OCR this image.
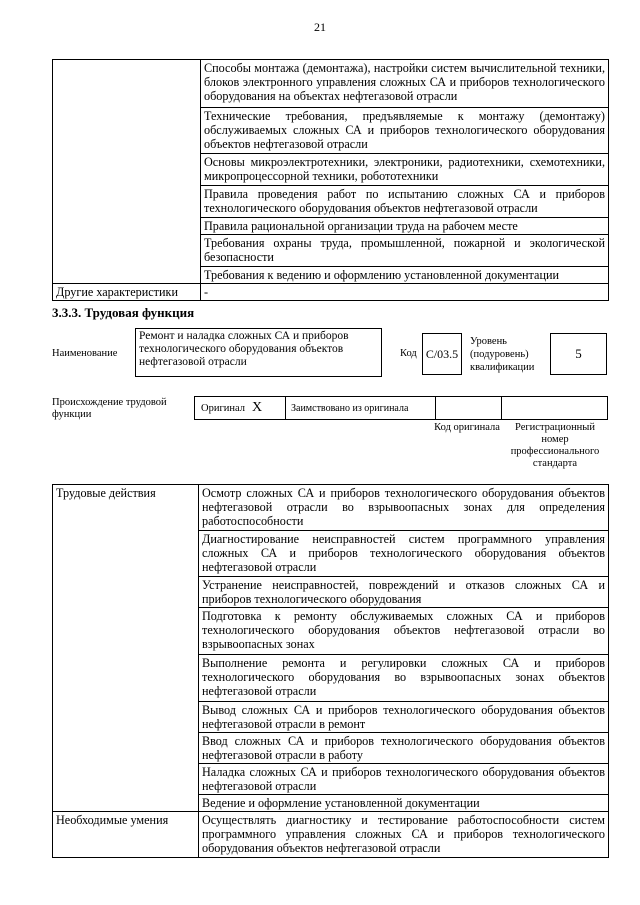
21
	Способы монтажа (демонтажа), настройки систем вычислительной техники, блоков электронного управления сложных СА и приборов технологического оборудования на объектах нефтегазовой отрасли
	Технические требования, предъявляемые к монтажу (демонтажу) обслуживаемых сложных СА и приборов технологического оборудования объектов нефтегазовой отрасли
	Основы микроэлектротехники, электроники, радиотехники, схемотехники, микропроцессорной техники, робототехники
	Правила проведения работ по испытанию сложных СА и приборов технологического оборудования объектов нефтегазовой отрасли
	Правила рациональной организации труда на рабочем месте
	Требования охраны труда, промышленной, пожарной и экологической безопасности
	Требования к ведению и оформлению установленной документации
Другие характеристики	-
3.3.3. Трудовая функция
Наименование
Ремонт и наладка сложных СА и приборов технологического оборудования объектов нефтегазовой отрасли
Код C/03.5
Уровень (подуровень) квалификации
5
Происхождение трудовой функции
Оригинал X	Заимствовано из оригинала
Код оригинала	Регистрационный номер профессионального стандарта
Трудовые действия	Осмотр сложных СА и приборов технологического оборудования объектов нефтегазовой отрасли во взрывоопасных зонах для определения работоспособности
	Диагностирование неисправностей систем программного управления сложных СА и приборов технологического оборудования объектов нефтегазовой отрасли
	Устранение неисправностей, повреждений и отказов сложных СА и приборов технологического оборудования
	Подготовка к ремонту обслуживаемых сложных СА и приборов технологического оборудования объектов нефтегазовой отрасли во взрывоопасных зонах
	Выполнение ремонта и регулировки сложных СА и приборов технологического оборудования во взрывоопасных зонах объектов нефтегазовой отрасли
	Вывод сложных СА и приборов технологического оборудования объектов нефтегазовой отрасли в ремонт
	Ввод сложных СА и приборов технологического оборудования объектов нефтегазовой отрасли в работу
	Наладка сложных СА и приборов технологического оборудования объектов нефтегазовой отрасли
	Ведение и оформление установленной документации
Необходимые умения	Осуществлять диагностику и тестирование работоспособности систем программного управления сложных СА и приборов технологического оборудования объектов нефтегазовой отрасли
